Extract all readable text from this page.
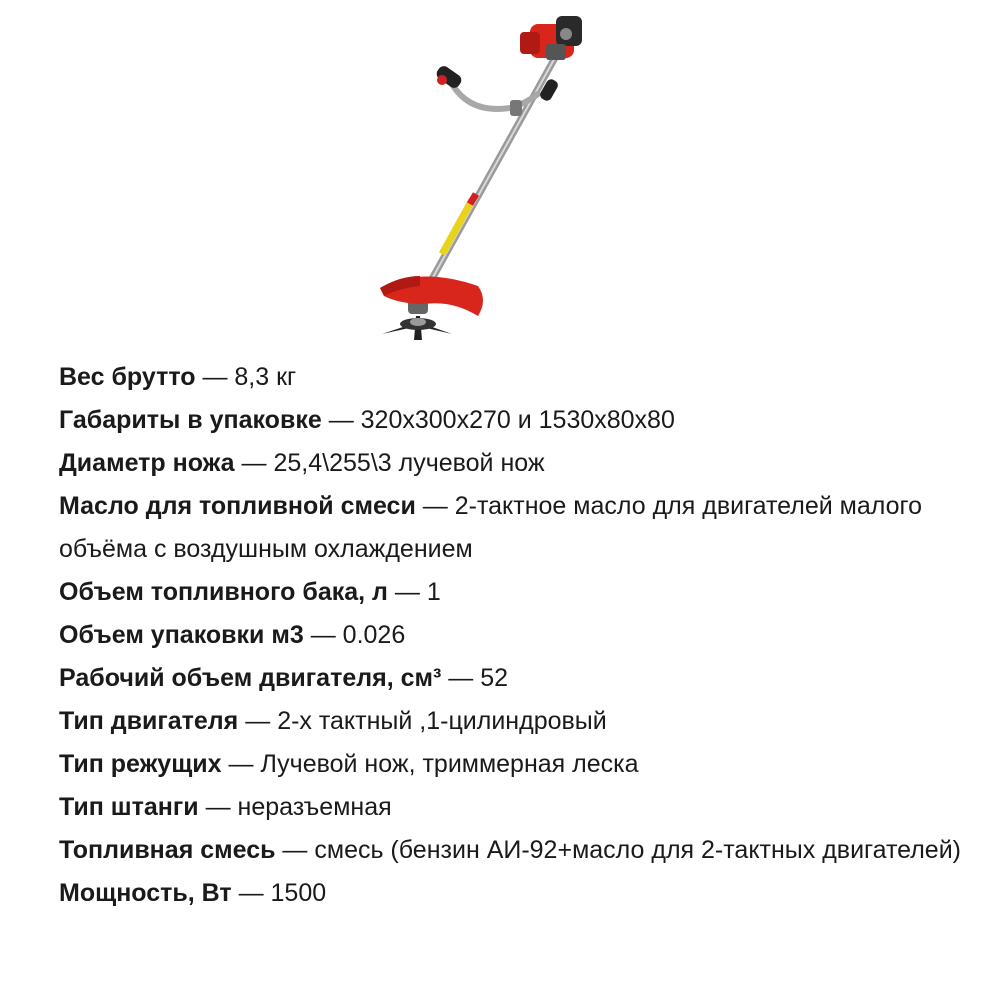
Вес брутто — 8,3 кг
Габариты в упаковке — 320x300x270 и 1530x80x80
Диаметр ножа — 25,4\255\3 лучевой нож
Масло для топливной смеси — 2-тактное масло для двигателей малого объёма с воздушным охлаждением
Объем топливного бака, л — 1
Объем упаковки м3 — 0.026
Рабочий объем двигателя, см³ — 52
Тип двигателя — 2-х тактный ,1-цилиндровый
Тип режущих — Лучевой нож, триммерная леска
Тип штанги — неразъемная
Топливная смесь — смесь (бензин АИ-92+масло для 2-тактных двигателей)
Мощность, Вт — 1500
